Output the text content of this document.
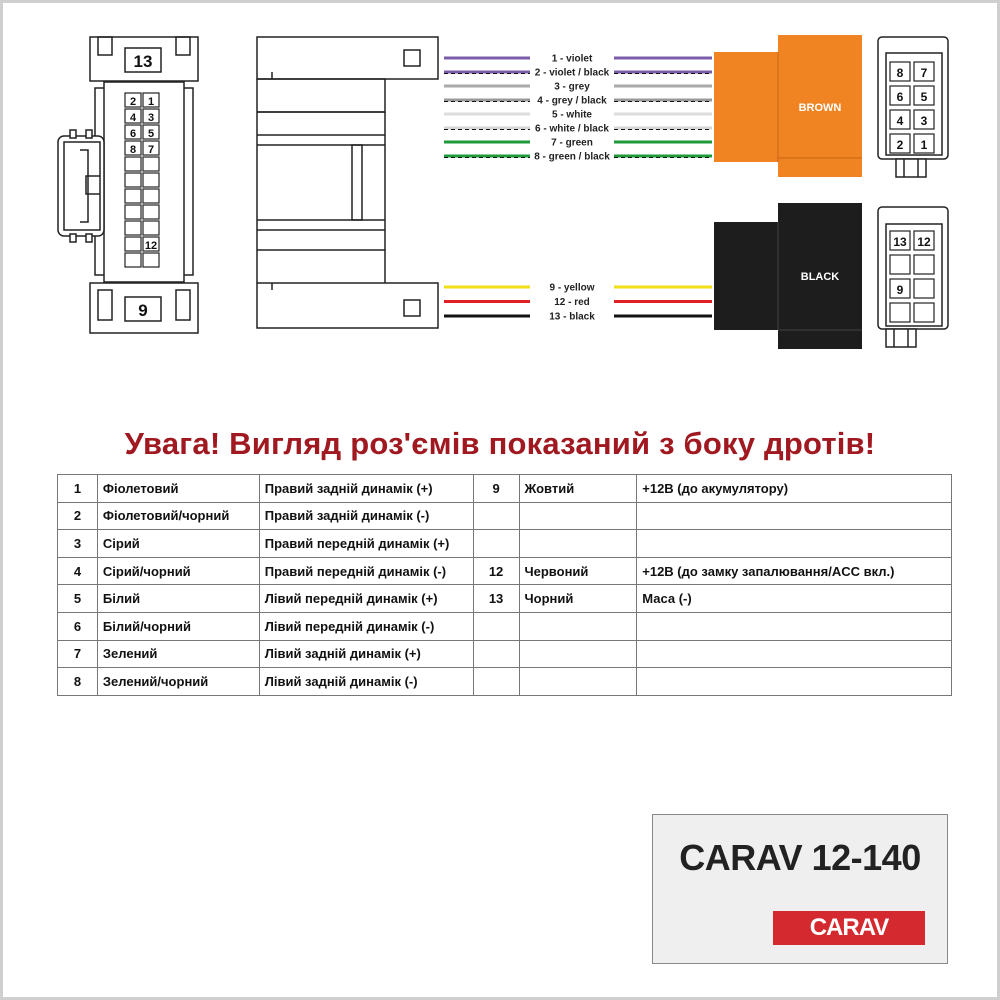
2 1
4 3
6 5
8 7
12
13
9
1 - violet
2 - violet / black
3 - grey
4 - grey / black
5 - white
6 - white / black
7 - green
8 - green / black
9 - yellow
12 - red
13 - black
BROWN
BLACK
8 7
6 5
4 3
2 1
13 12
9
Увага! Вигляд роз'ємів показаний з боку дротів!
1	Фіолетовий	Правий задній динамік (+)	9	Жовтий	+12В (до акумулятору)
2	Фіолетовий/чорний	Правий задній динамік (-)			
3	Сірий	Правий передній динамік (+)			
4	Сірий/чорний	Правий передній динамік (-)	12	Червоний	+12В (до замку запалювання/ACC вкл.)
5	Білий	Лівий передній динамік (+)	13	Чорний	Маса (-)
6	Білий/чорний	Лівий передній динамік (-)			
7	Зелений	Лівий задній динамік (+)			
8	Зелений/чорний	Лівий задній динамік (-)			
CARAV 12-140
CARAV
